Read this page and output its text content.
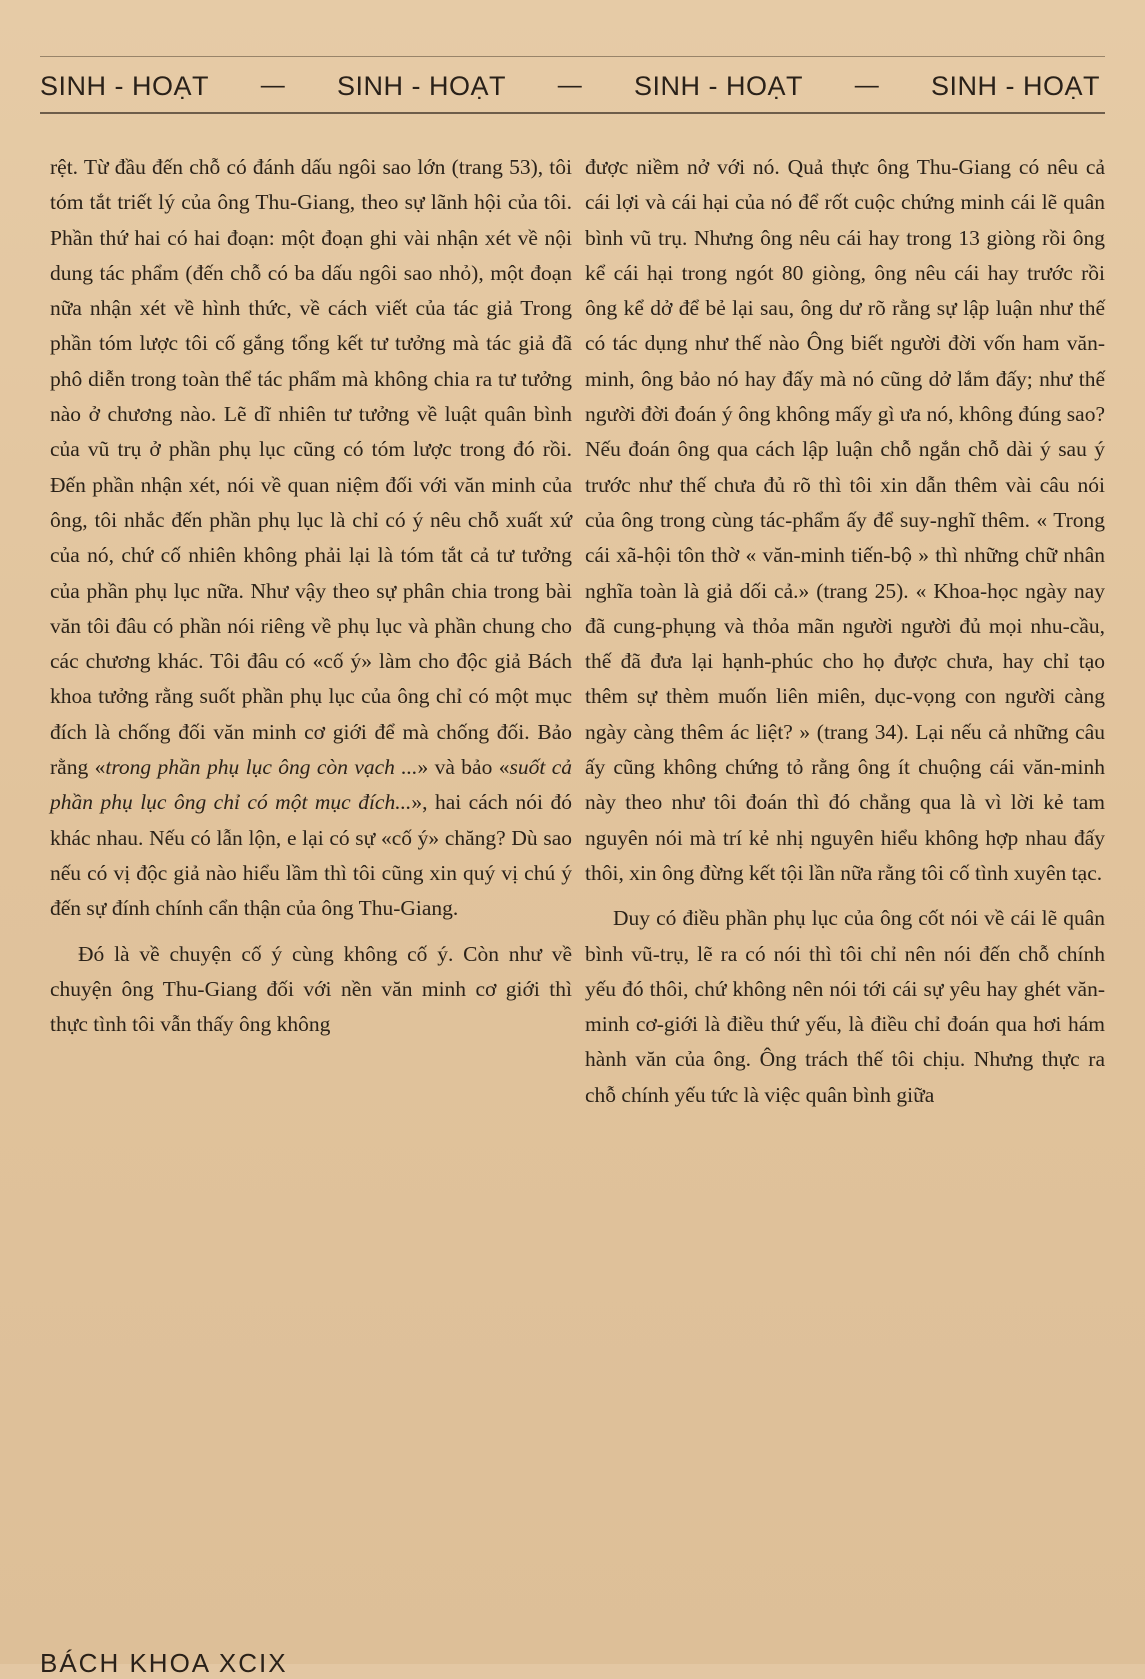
SINH - HOẠT — SINH - HOẠT — SINH - HOẠT — SINH - HOẠT

rệt. Từ đầu đến chỗ có đánh dấu ngôi sao lớn (trang 53), tôi tóm tắt triết lý của ông Thu-Giang, theo sự lãnh hội của tôi. Phần thứ hai có hai đoạn: một đoạn ghi vài nhận xét về nội dung tác phẩm (đến chỗ có ba dấu ngôi sao nhỏ), một đoạn nữa nhận xét về hình thức, về cách viết của tác giả Trong phần tóm lược tôi cố gắng tổng kết tư tưởng mà tác giả đã phô diễn trong toàn thể tác phẩm mà không chia ra tư tưởng nào ở chương nào. Lẽ dĩ nhiên tư tưởng về luật quân bình của vũ trụ ở phần phụ lục cũng có tóm lược trong đó rồi. Đến phần nhận xét, nói về quan niệm đối với văn minh của ông, tôi nhắc đến phần phụ lục là chỉ có ý nêu chỗ xuất xứ của nó, chứ cố nhiên không phải lại là tóm tắt cả tư tưởng của phần phụ lục nữa. Như vậy theo sự phân chia trong bài văn tôi đâu có phần nói riêng về phụ lục và phần chung cho các chương khác. Tôi đâu có «cố ý» làm cho độc giả Bách khoa tưởng rằng suốt phần phụ lục của ông chỉ có một mục đích là chống đối văn minh cơ giới để mà chống đối. Bảo rằng «trong phần phụ lục ông còn vạch ...» và bảo «suốt cả phần phụ lục ông chỉ có một mục đích...», hai cách nói đó khác nhau. Nếu có lẫn lộn, e lại có sự «cố ý» chăng? Dù sao nếu có vị độc giả nào hiểu lầm thì tôi cũng xin quý vị chú ý đến sự đính chính cẩn thận của ông Thu-Giang.

Đó là về chuyện cố ý cùng không cố ý. Còn như về chuyện ông Thu-Giang đối với nền văn minh cơ giới thì thực tình tôi vẫn thấy ông không

được niềm nở với nó. Quả thực ông Thu-Giang có nêu cả cái lợi và cái hại của nó để rốt cuộc chứng minh cái lẽ quân bình vũ trụ. Nhưng ông nêu cái hay trong 13 giòng rồi ông kể cái hại trong ngót 80 giòng, ông nêu cái hay trước rồi ông kể dở để bẻ lại sau, ông dư rõ rằng sự lập luận như thế có tác dụng như thế nào Ông biết người đời vốn ham văn-minh, ông bảo nó hay đấy mà nó cũng dở lắm đấy; như thế người đời đoán ý ông không mấy gì ưa nó, không đúng sao? Nếu đoán ông qua cách lập luận chỗ ngắn chỗ dài ý sau ý trước như thế chưa đủ rõ thì tôi xin dẫn thêm vài câu nói của ông trong cùng tác-phẩm ấy để suy-nghĩ thêm. « Trong cái xã-hội tôn thờ « văn-minh tiến-bộ » thì những chữ nhân nghĩa toàn là giả dối cả.» (trang 25). « Khoa-học ngày nay đã cung-phụng và thỏa mãn người người đủ mọi nhu-cầu, thế đã đưa lại hạnh-phúc cho họ được chưa, hay chỉ tạo thêm sự thèm muốn liên miên, dục-vọng con người càng ngày càng thêm ác liệt? » (trang 34). Lại nếu cả những câu ấy cũng không chứng tỏ rằng ông ít chuộng cái văn-minh này theo như tôi đoán thì đó chẳng qua là vì lời kẻ tam nguyên nói mà trí kẻ nhị nguyên hiểu không hợp nhau đấy thôi, xin ông đừng kết tội lần nữa rằng tôi cố tình xuyên tạc.

Duy có điều phần phụ lục của ông cốt nói về cái lẽ quân bình vũ-trụ, lẽ ra có nói thì tôi chỉ nên nói đến chỗ chính yếu đó thôi, chứ không nên nói tới cái sự yêu hay ghét văn-minh cơ-giới là điều thứ yếu, là điều chỉ đoán qua hơi hám hành văn của ông. Ông trách thế tôi chịu. Nhưng thực ra chỗ chính yếu tức là việc quân bình giữa

BÁCH KHOA XCIX
